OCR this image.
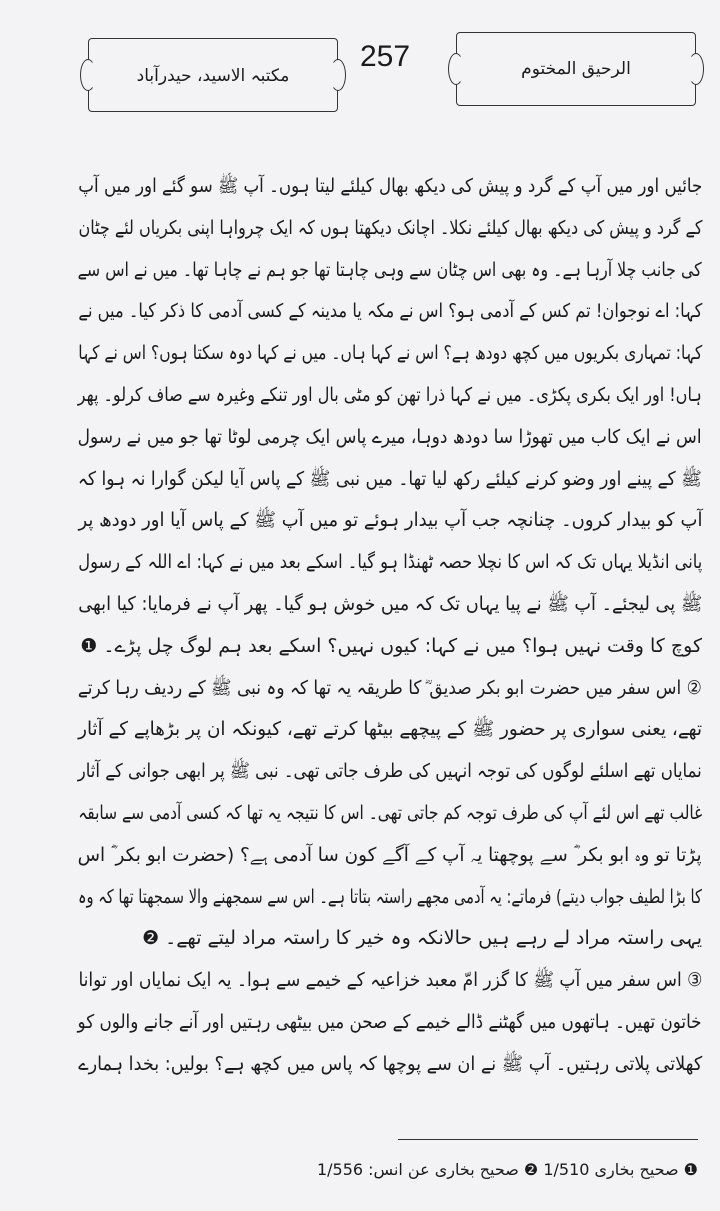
الرحیق المختوم
257
مکتبہ الاسید، حیدرآباد
جائیں اور میں آپ کے گرد و پیش کی دیکھ بھال کیلئے لیتا ہوں۔ آپ ﷺ سو گئے اور میں آپ
کے گرد و پیش کی دیکھ بھال کیلئے نکلا۔ اچانک دیکھتا ہوں کہ ایک چرواہا اپنی بکریاں لئے چٹان
کی جانب چلا آرہا ہے۔ وہ بھی اس چٹان سے وہی چاہتا تھا جو ہم نے چاہا تھا۔ میں نے اس سے
کہا: اے نوجوان! تم کس کے آدمی ہو؟ اس نے مکہ یا مدینہ کے کسی آدمی کا ذکر کیا۔ میں نے
کہا: تمہاری بکریوں میں کچھ دودھ ہے؟ اس نے کہا ہاں۔ میں نے کہا دوہ سکتا ہوں؟ اس نے کہا
ہاں! اور ایک بکری پکڑی۔ میں نے کہا ذرا تھن کو مٹی بال اور تنکے وغیرہ سے صاف کرلو۔ پھر
اس نے ایک کاب میں تھوڑا سا دودھ دوہا، میرے پاس ایک چرمی لوٹا تھا جو میں نے رسول
ﷺ کے پینے اور وضو کرنے کیلئے رکھ لیا تھا۔ میں نبی ﷺ کے پاس آیا لیکن گوارا نہ ہوا کہ
آپ کو بیدار کروں۔ چنانچہ جب آپ بیدار ہوئے تو میں آپ ﷺ کے پاس آیا اور دودھ پر
پانی انڈیلا یہاں تک کہ اس کا نچلا حصہ ٹھنڈا ہو گیا۔ اسکے بعد میں نے کہا: اے اللہ کے رسول
ﷺ پی لیجئے۔ آپ ﷺ نے پیا یہاں تک کہ میں خوش ہو گیا۔ پھر آپ نے فرمایا: کیا ابھی
کوچ کا وقت نہیں ہوا؟ میں نے کہا: کیوں نہیں؟ اسکے بعد ہم لوگ چل پڑے۔ ❶
② اس سفر میں حضرت ابو بکر صدیق ؓ کا طریقہ یہ تھا کہ وہ نبی ﷺ کے ردیف رہا کرتے
تھے، یعنی سواری پر حضور ﷺ کے پیچھے بیٹھا کرتے تھے، کیونکہ ان پر بڑھاپے کے آثار
نمایاں تھے اسلئے لوگوں کی توجہ انہیں کی طرف جاتی تھی۔ نبی ﷺ پر ابھی جوانی کے آثار
غالب تھے اس لئے آپ کی طرف توجہ کم جاتی تھی۔ اس کا نتیجہ یہ تھا کہ کسی آدمی سے سابقہ
پڑتا تو وہ ابو بکر ؓ سے پوچھتا یہ آپ کے آگے کون سا آدمی ہے؟ (حضرت ابو بکر ؓ اس
کا بڑا لطیف جواب دیتے) فرماتے: یہ آدمی مجھے راستہ بتاتا ہے۔ اس سے سمجھنے والا سمجھتا تھا کہ وہ
یہی راستہ مراد لے رہے ہیں حالانکہ وہ خیر کا راستہ مراد لیتے تھے۔ ❷
③ اس سفر میں آپ ﷺ کا گزر امّ معبد خزاعیہ کے خیمے سے ہوا۔ یہ ایک نمایاں اور توانا
خاتون تھیں۔ ہاتھوں میں گھٹنے ڈالے خیمے کے صحن میں بیٹھی رہتیں اور آنے جانے والوں کو
کھلاتی پلاتی رہتیں۔ آپ ﷺ نے ان سے پوچھا کہ پاس میں کچھ ہے؟ بولیں: بخدا ہمارے
❶ صحیح بخاری 1/510 ❷ صحیح بخاری عن انس: 1/556
